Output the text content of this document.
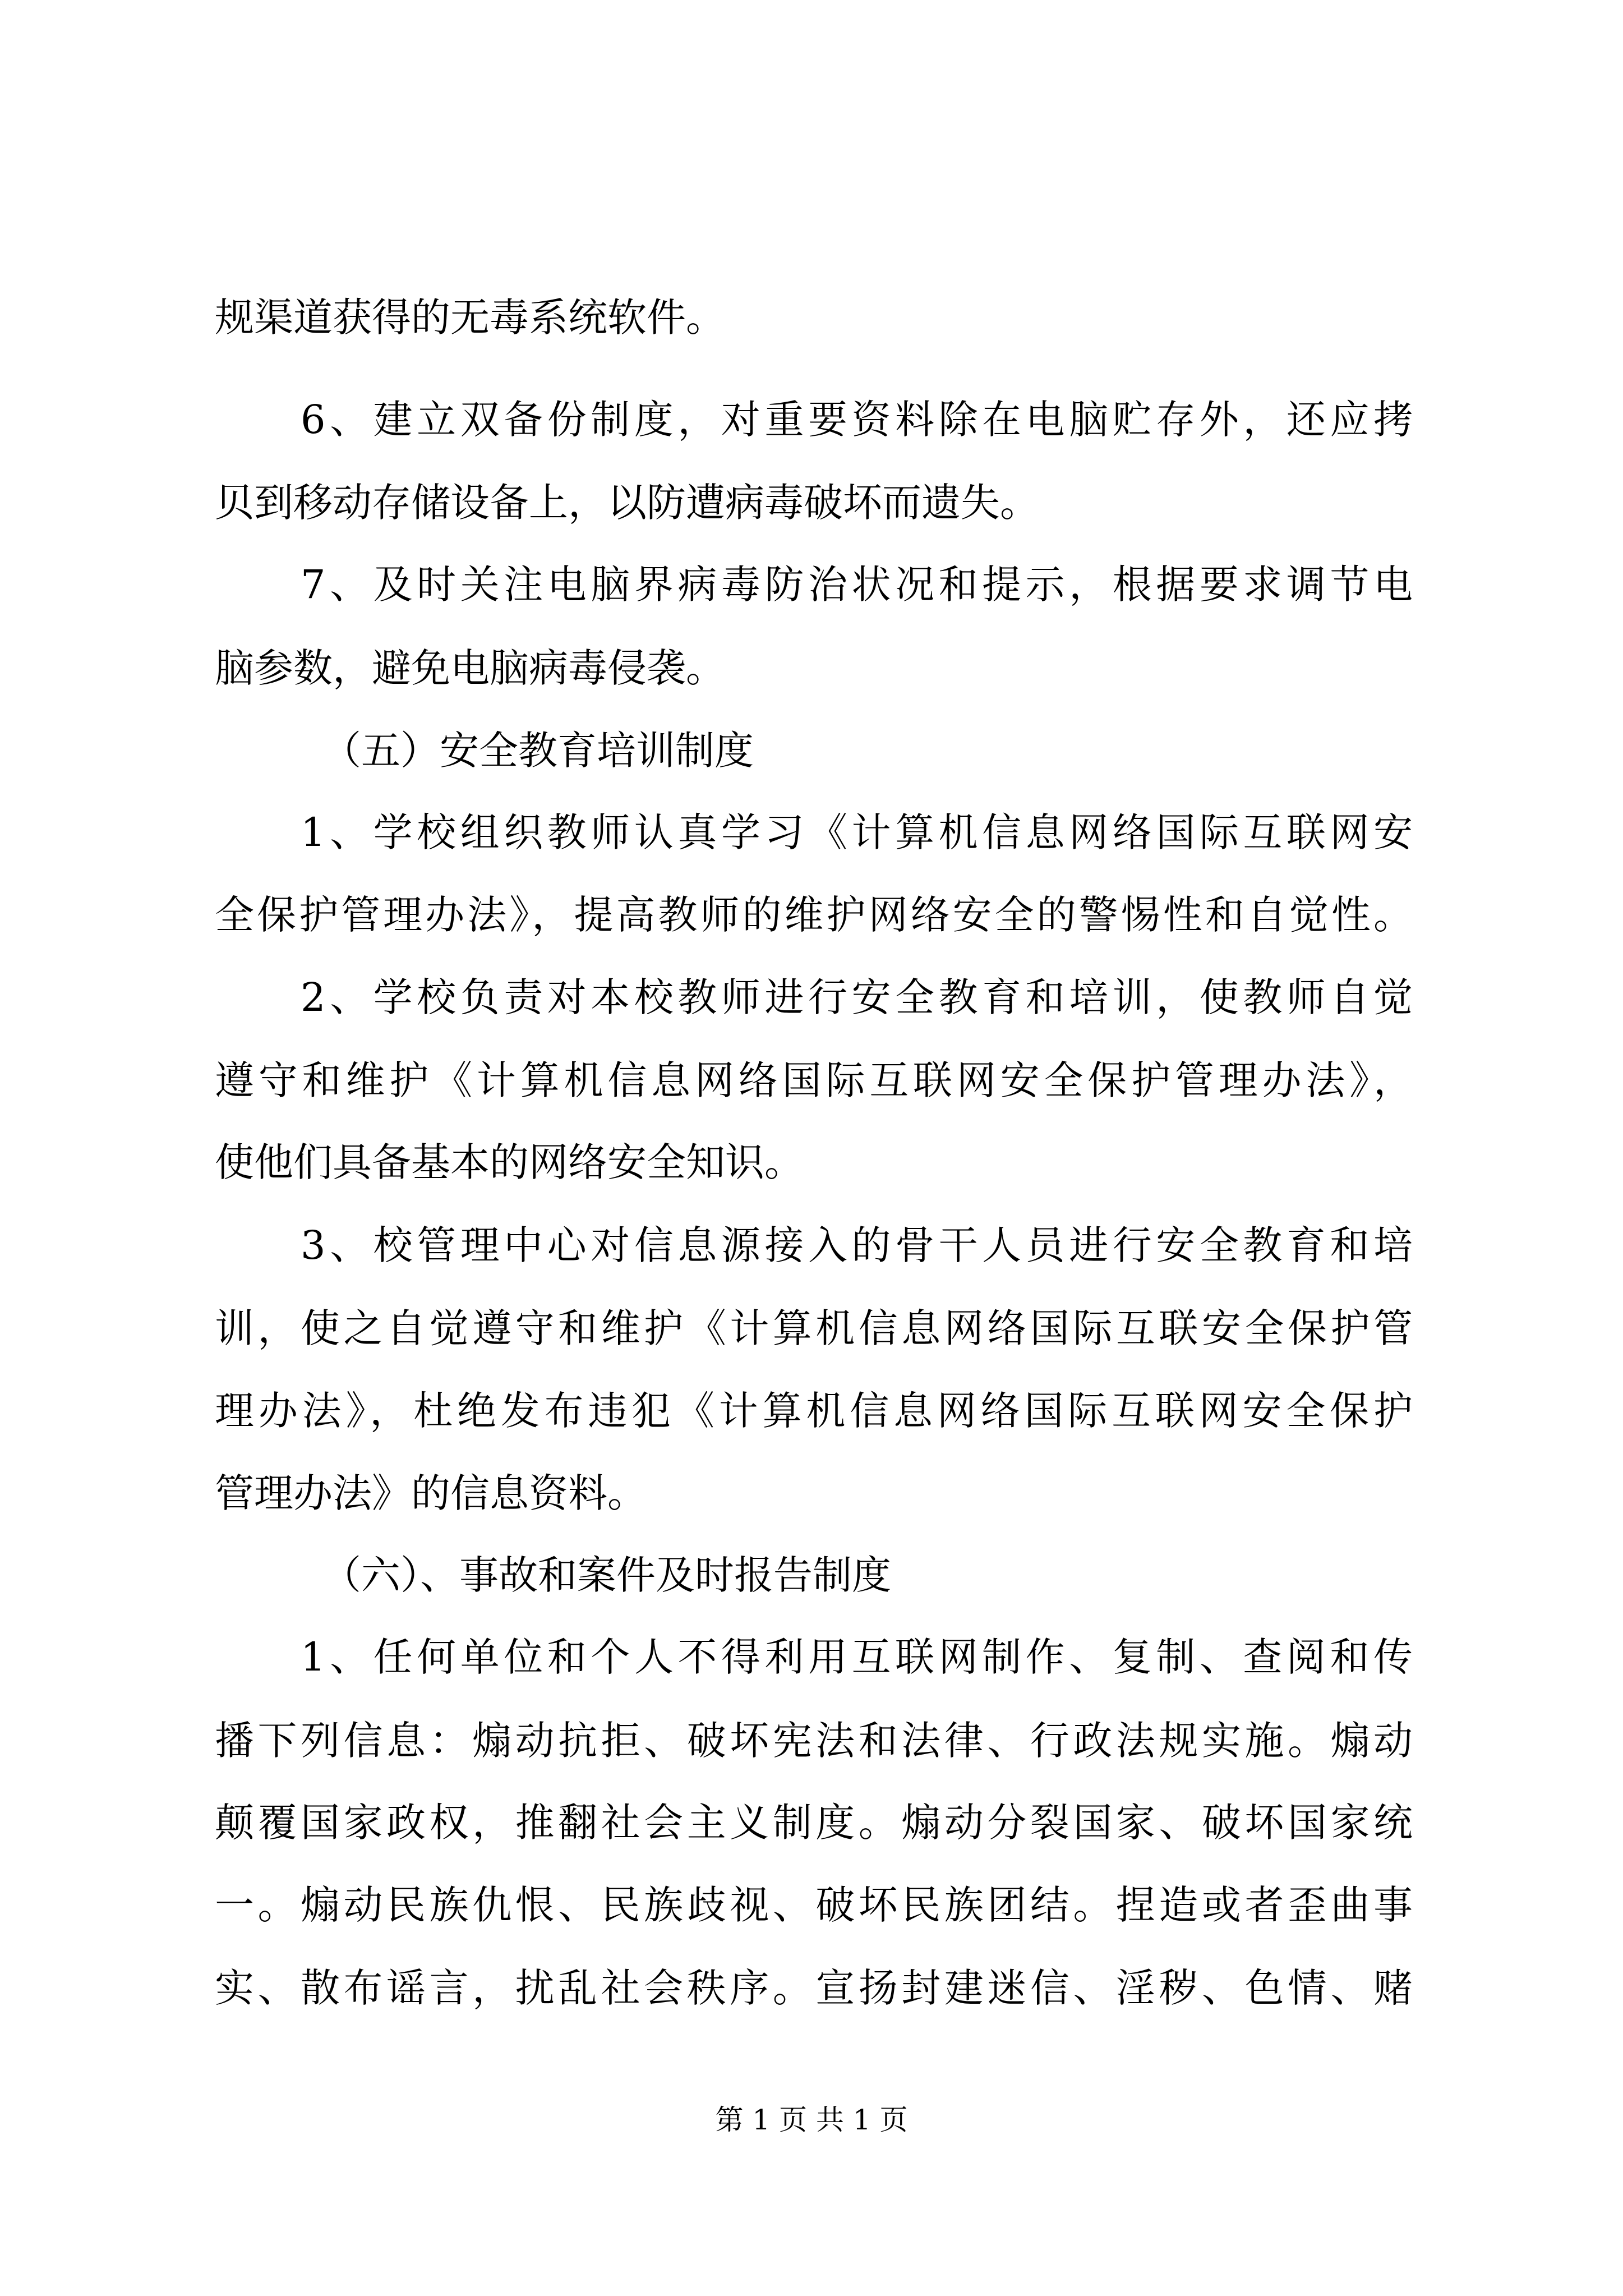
规渠道获得的无毒系统软件。

6、建立双备份制度，对重要资料除在电脑贮存外，还应拷

贝到移动存储设备上，以防遭病毒破坏而遗失。

7、及时关注电脑界病毒防治状况和提示，根据要求调节电

脑参数，避免电脑病毒侵袭。

（五）安全教育培训制度

1、学校组织教师认真学习《计算机信息网络国际互联网安

全保护管理办法》，提高教师的维护网络安全的警惕性和自觉性。

2、学校负责对本校教师进行安全教育和培训，使教师自觉

遵守和维护《计算机信息网络国际互联网安全保护管理办法》，

使他们具备基本的网络安全知识。

3、校管理中心对信息源接入的骨干人员进行安全教育和培

训，使之自觉遵守和维护《计算机信息网络国际互联安全保护管

理办法》，杜绝发布违犯《计算机信息网络国际互联网安全保护

管理办法》的信息资料。

（六）、事故和案件及时报告制度

1、任何单位和个人不得利用互联网制作、复制、查阅和传

播下列信息：煽动抗拒、破坏宪法和法律、行政法规实施。煽动

颠覆国家政权，推翻社会主义制度。煽动分裂国家、破坏国家统

一。煽动民族仇恨、民族歧视、破坏民族团结。捏造或者歪曲事

实、散布谣言，扰乱社会秩序。宣扬封建迷信、淫秽、色情、赌

第 1 页 共 1 页
